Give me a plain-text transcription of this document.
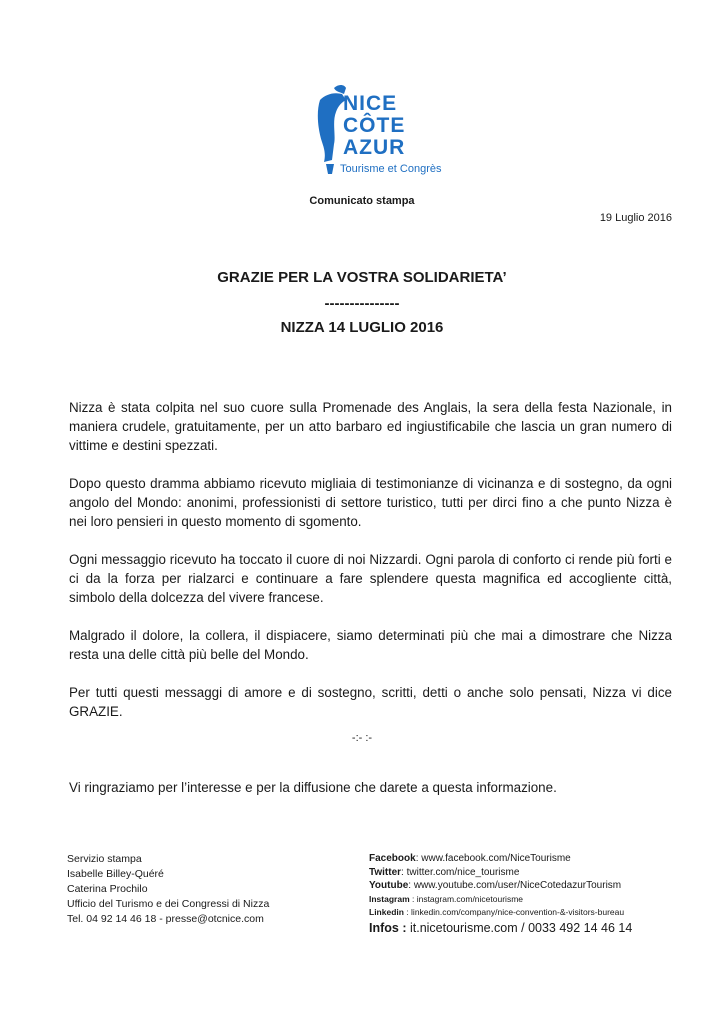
NICE
CÔTE
AZUR
Tourisme et Congrès
Comunicato stampa
19 Luglio 2016
GRAZIE PER LA VOSTRA SOLIDARIETA’
---------------
NIZZA 14 LUGLIO 2016

Nizza è stata colpita nel suo cuore sulla Promenade des Anglais, la sera della festa Nazionale, in maniera crudele, gratuitamente, per un atto barbaro ed ingiustificabile che lascia un gran numero di vittime e destini spezzati.

Dopo questo dramma abbiamo ricevuto migliaia di testimonianze di vicinanza e di sostegno, da ogni angolo del Mondo: anonimi, professionisti di settore turistico, tutti per dirci fino a che punto Nizza è nei loro pensieri in questo momento di sgomento.

Ogni messaggio ricevuto ha toccato il cuore di noi Nizzardi. Ogni parola di conforto ci rende più forti e ci da la forza per rialzarci e continuare a fare splendere questa magnifica ed accogliente città, simbolo della dolcezza del vivere francese.

Malgrado il dolore, la collera, il dispiacere, siamo determinati più che mai a dimostrare che Nizza resta una delle città più belle del Mondo.

Per tutti questi messaggi di amore e di sostegno, scritti, detti o anche solo pensati, Nizza vi dice GRAZIE.

-:- :-
Vi ringraziamo per l’interesse e per la diffusione che darete a questa informazione.
Servizio stampa
Isabelle Billey-Quéré
Caterina Prochilo
Ufficio del Turismo e dei Congressi di Nizza
Tel. 04 92 14 46 18 - presse@otcnice.com
Facebook: www.facebook.com/NiceTourisme
Twitter: twitter.com/nice_tourisme
Youtube: www.youtube.com/user/NiceCotedazurTourism
Instagram : instagram.com/nicetourisme
Linkedin : linkedin.com/company/nice-convention-&-visitors-bureau
Infos : it.nicetourisme.com / 0033 492 14 46 14
